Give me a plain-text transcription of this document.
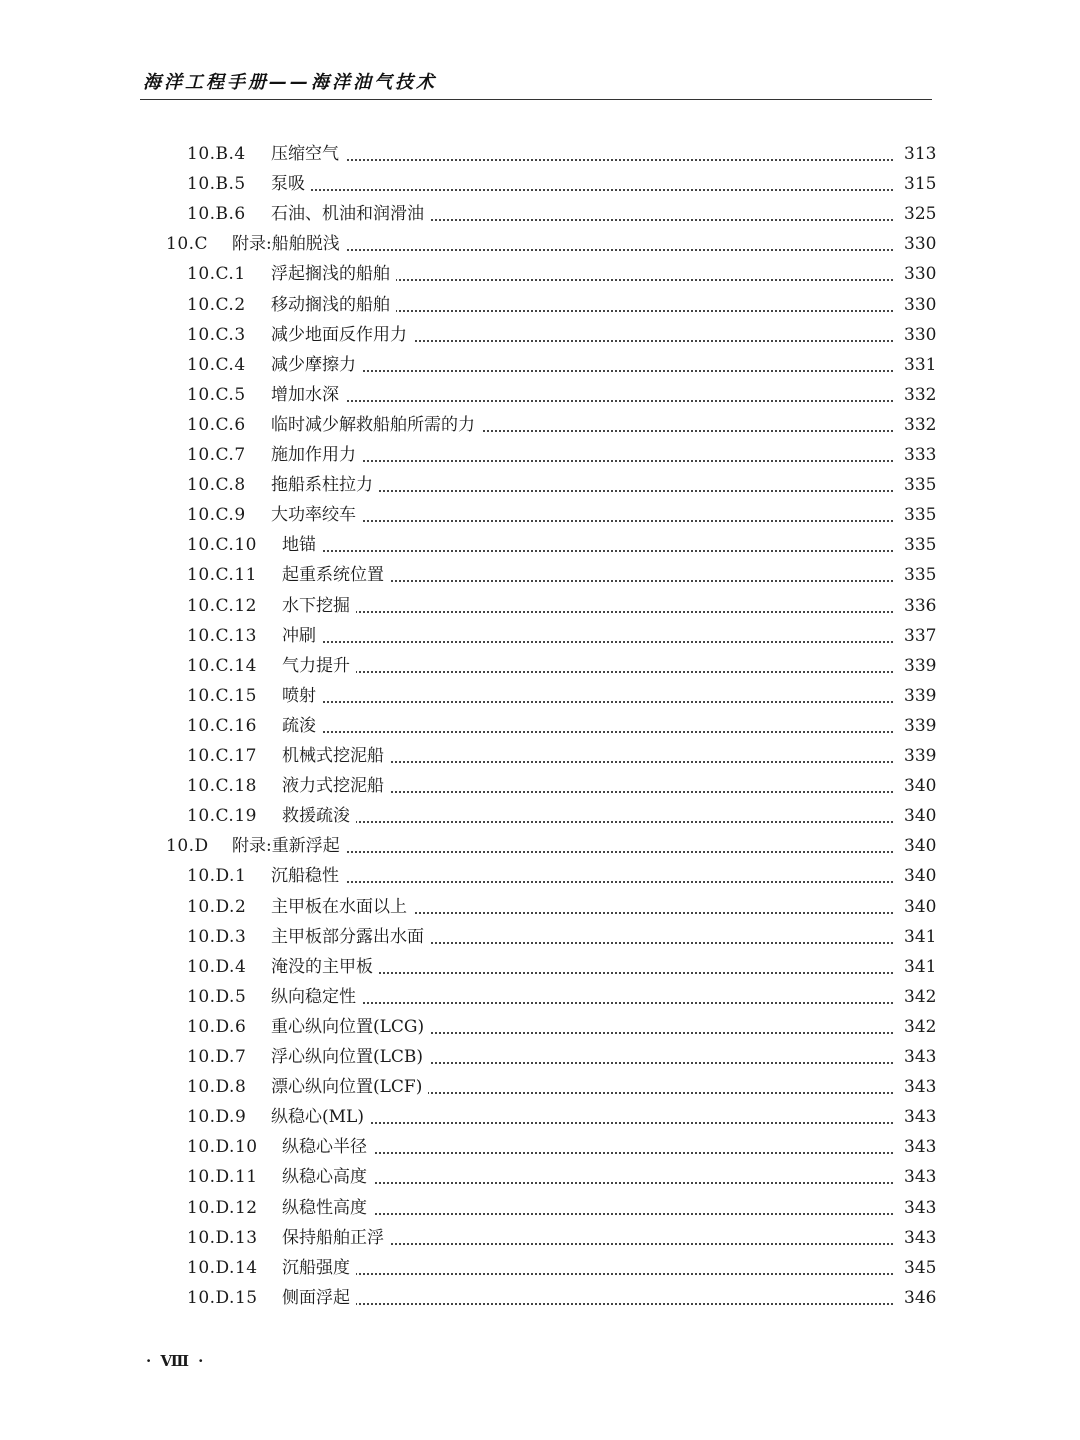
海洋工程手册——海洋油气技术
10.B.4 压缩空气	313
10.B.5 泵吸	315
10.B.6 石油、机油和润滑油	325
10.C 附录:船舶脱浅	330
10.C.1 浮起搁浅的船舶	330
10.C.2 移动搁浅的船舶	330
10.C.3 减少地面反作用力	330
10.C.4 减少摩擦力	331
10.C.5 增加水深	332
10.C.6 临时减少解救船舶所需的力	332
10.C.7 施加作用力	333
10.C.8 拖船系柱拉力	335
10.C.9 大功率绞车	335
10.C.10 地锚	335
10.C.11 起重系统位置	335
10.C.12 水下挖掘	336
10.C.13 冲刷	337
10.C.14 气力提升	339
10.C.15 喷射	339
10.C.16 疏浚	339
10.C.17 机械式挖泥船	339
10.C.18 液力式挖泥船	340
10.C.19 救援疏浚	340
10.D 附录:重新浮起	340
10.D.1 沉船稳性	340
10.D.2 主甲板在水面以上	340
10.D.3 主甲板部分露出水面	341
10.D.4 淹没的主甲板	341
10.D.5 纵向稳定性	342
10.D.6 重心纵向位置(LCG)	342
10.D.7 浮心纵向位置(LCB)	343
10.D.8 漂心纵向位置(LCF)	343
10.D.9 纵稳心(ML)	343
10.D.10 纵稳心半径	343
10.D.11 纵稳心高度	343
10.D.12 纵稳性高度	343
10.D.13 保持船舶正浮	343
10.D.14 沉船强度	345
10.D.15 侧面浮起	346
· Ⅷ ·
